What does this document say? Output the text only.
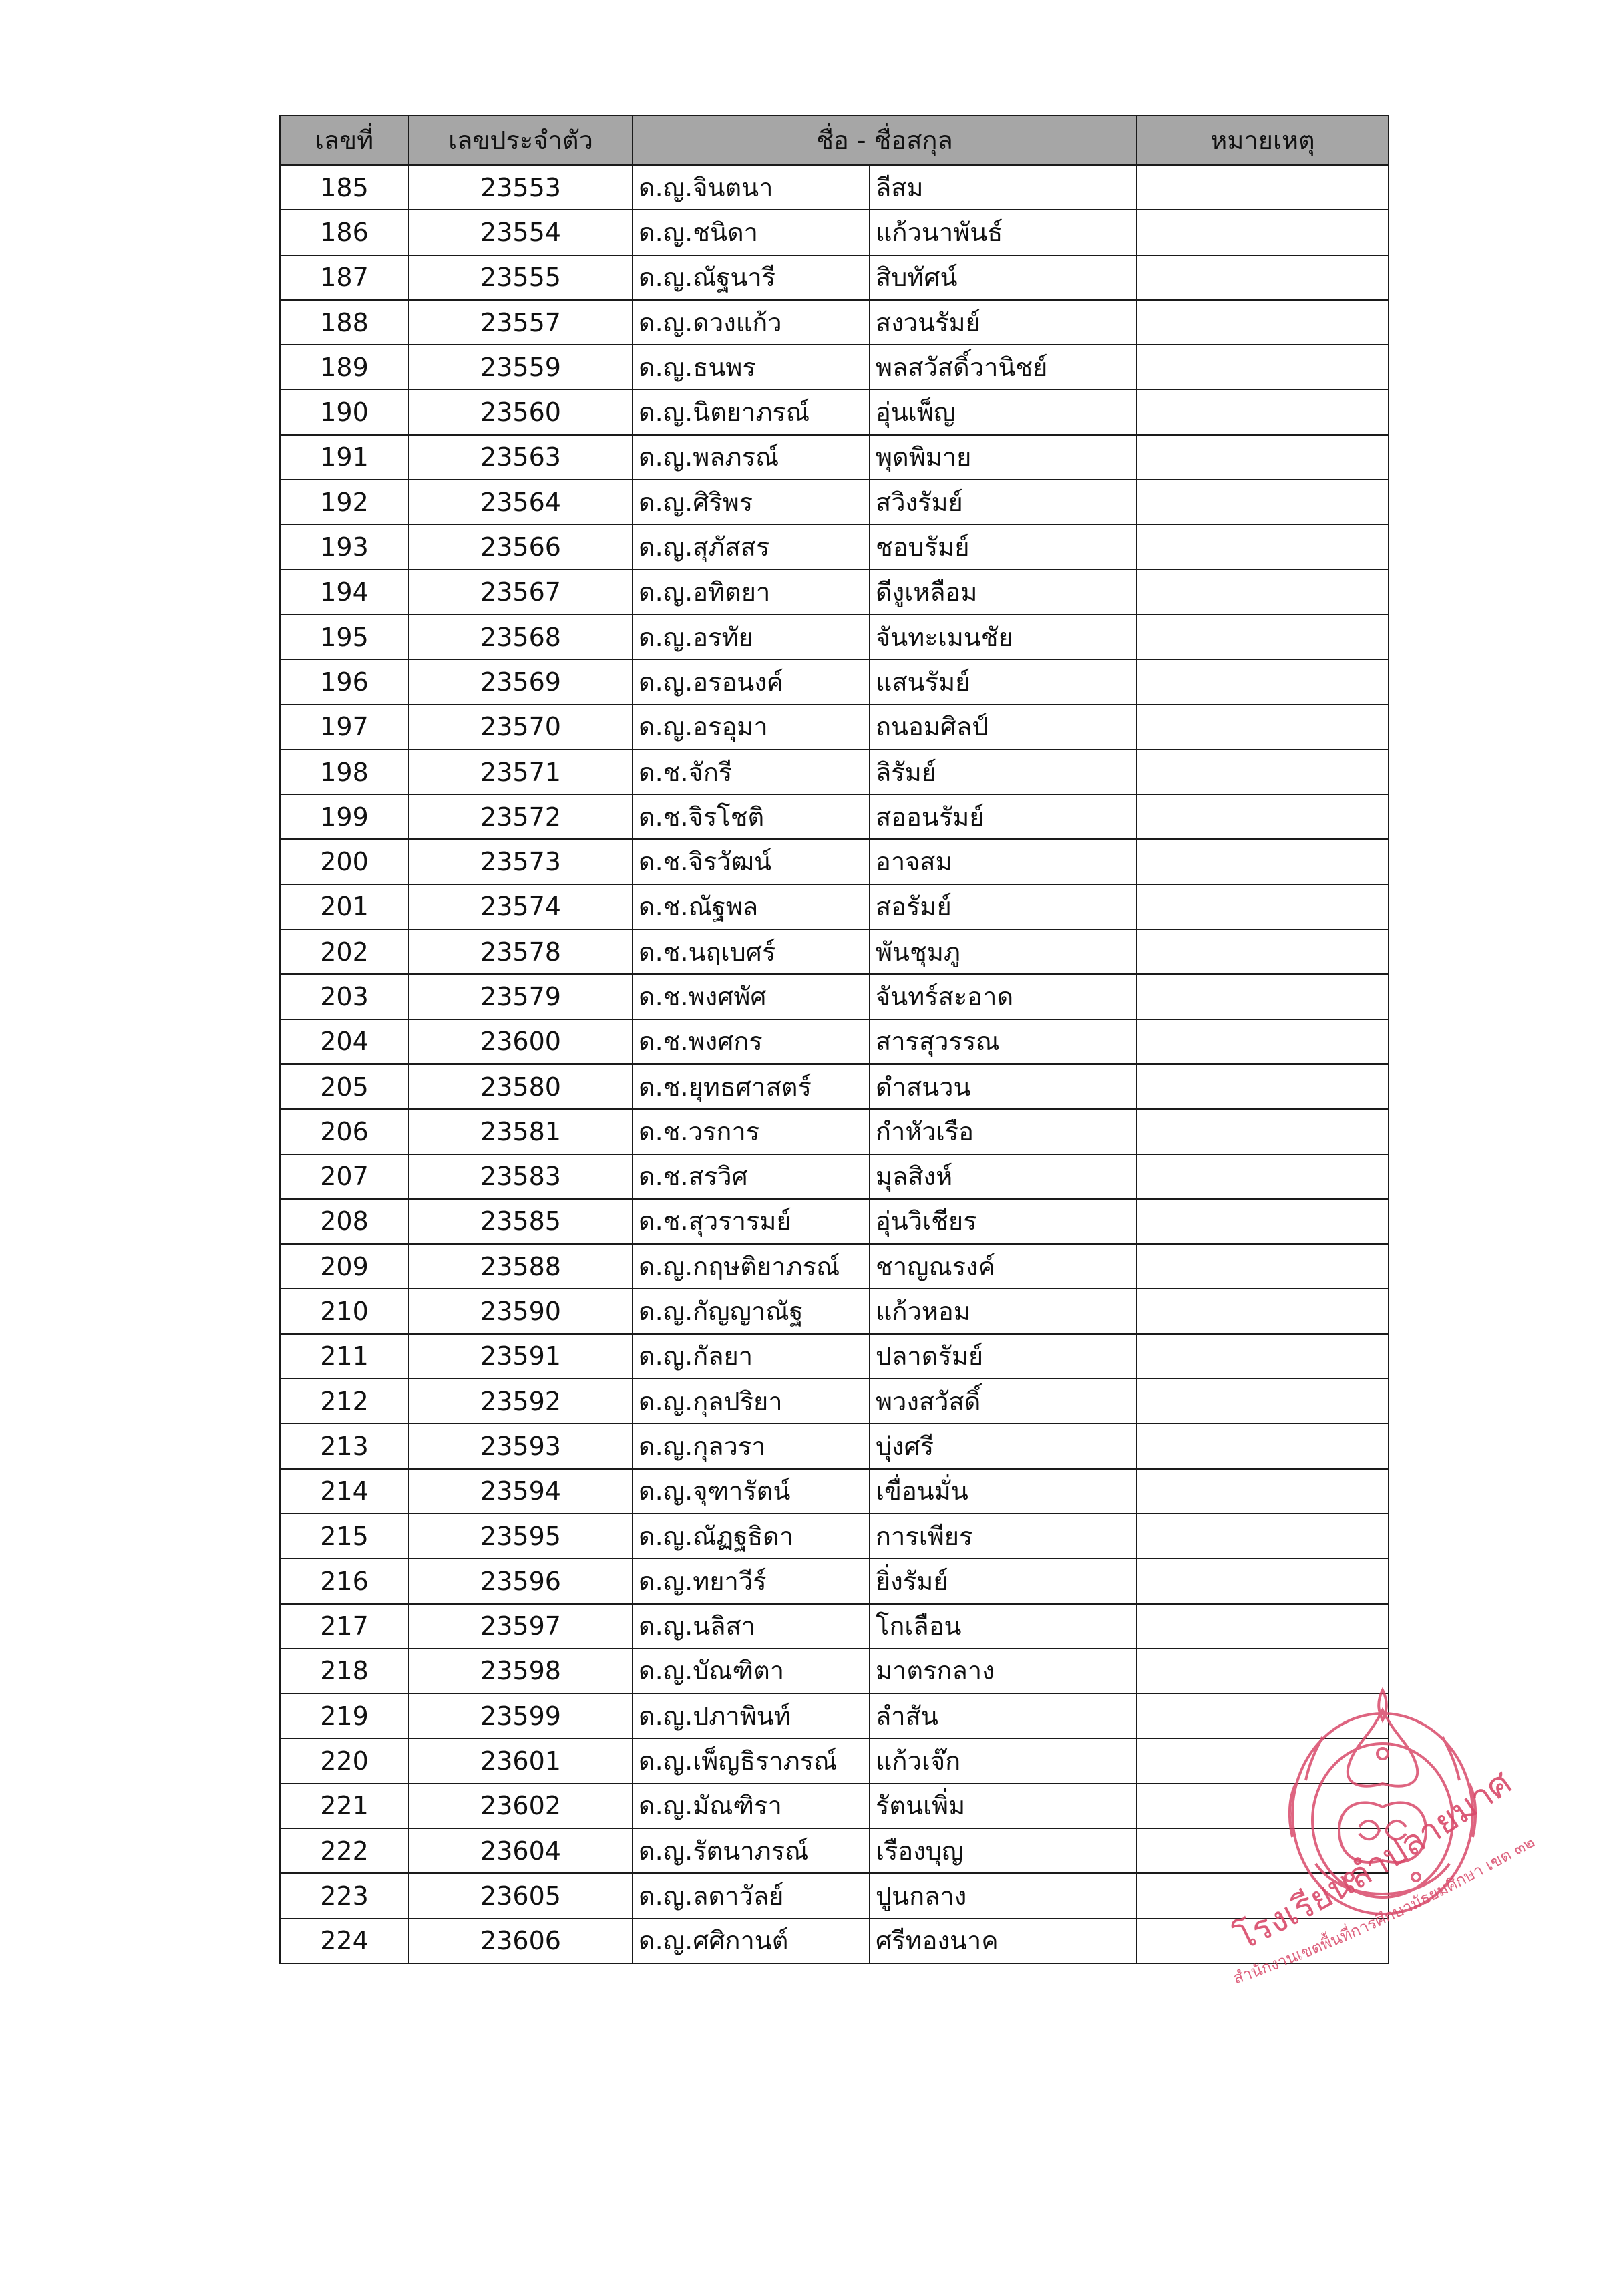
เลขที่	เลขประจำตัว	ชื่อ - ชื่อสกุล		หมายเหตุ
185	23553	ด.ญ.จินตนา	ลีสม	
186	23554	ด.ญ.ชนิดา	แก้วนาพันธ์	
187	23555	ด.ญ.ณัฐนารี	สิบทัศน์	
188	23557	ด.ญ.ดวงแก้ว	สงวนรัมย์	
189	23559	ด.ญ.ธนพร	พลสวัสดิ์วานิชย์	
190	23560	ด.ญ.นิตยาภรณ์	อุ่นเพ็ญ	
191	23563	ด.ญ.พลภรณ์	พุดพิมาย	
192	23564	ด.ญ.ศิริพร	สวิงรัมย์	
193	23566	ด.ญ.สุภัสสร	ชอบรัมย์	
194	23567	ด.ญ.อทิตยา	ดีงูเหลือม	
195	23568	ด.ญ.อรทัย	จันทะเมนชัย	
196	23569	ด.ญ.อรอนงค์	แสนรัมย์	
197	23570	ด.ญ.อรอุมา	ถนอมศิลป์	
198	23571	ด.ช.จักรี	ลิรัมย์	
199	23572	ด.ช.จิรโชติ	สออนรัมย์	
200	23573	ด.ช.จิรวัฒน์	อาจสม	
201	23574	ด.ช.ณัฐพล	สอรัมย์	
202	23578	ด.ช.นฤเบศร์	พันชุมภู	
203	23579	ด.ช.พงศพัศ	จันทร์สะอาด	
204	23600	ด.ช.พงศกร	สารสุวรรณ	
205	23580	ด.ช.ยุทธศาสตร์	ดำสนวน	
206	23581	ด.ช.วรการ	กำหัวเรือ	
207	23583	ด.ช.สรวิศ	มุลสิงห์	
208	23585	ด.ช.สุวรารมย์	อุ่นวิเชียร	
209	23588	ด.ญ.กฤษติยาภรณ์	ชาญณรงค์	
210	23590	ด.ญ.กัญญาณัฐ	แก้วหอม	
211	23591	ด.ญ.กัลยา	ปลาดรัมย์	
212	23592	ด.ญ.กุลปริยา	พวงสวัสดิ์	
213	23593	ด.ญ.กุลวรา	บุ่งศรี	
214	23594	ด.ญ.จุฑารัตน์	เขื่อนมั่น	
215	23595	ด.ญ.ณัฏฐธิดา	การเพียร	
216	23596	ด.ญ.ทยาวีร์	ยิ่งรัมย์	
217	23597	ด.ญ.นลิสา	โกเลือน	
218	23598	ด.ญ.บัณฑิตา	มาตรกลาง	
219	23599	ด.ญ.ปภาพินท์	ลำสัน	
220	23601	ด.ญ.เพ็ญธิราภรณ์	แก้วเจ๊ก	
221	23602	ด.ญ.มัณฑิรา	รัตนเพิ่ม	
222	23604	ด.ญ.รัตนาภรณ์	เรืองบุญ	
223	23605	ด.ญ.ลดาวัลย์	ปูนกลาง	
224	23606	ด.ญ.ศศิกานต์	ศรีทองนาค		โรงเรียนลำปลายมาศ
สำนักงานเขตพื้นที่การศึกษามัธยมศึกษา เขต ๓๒
